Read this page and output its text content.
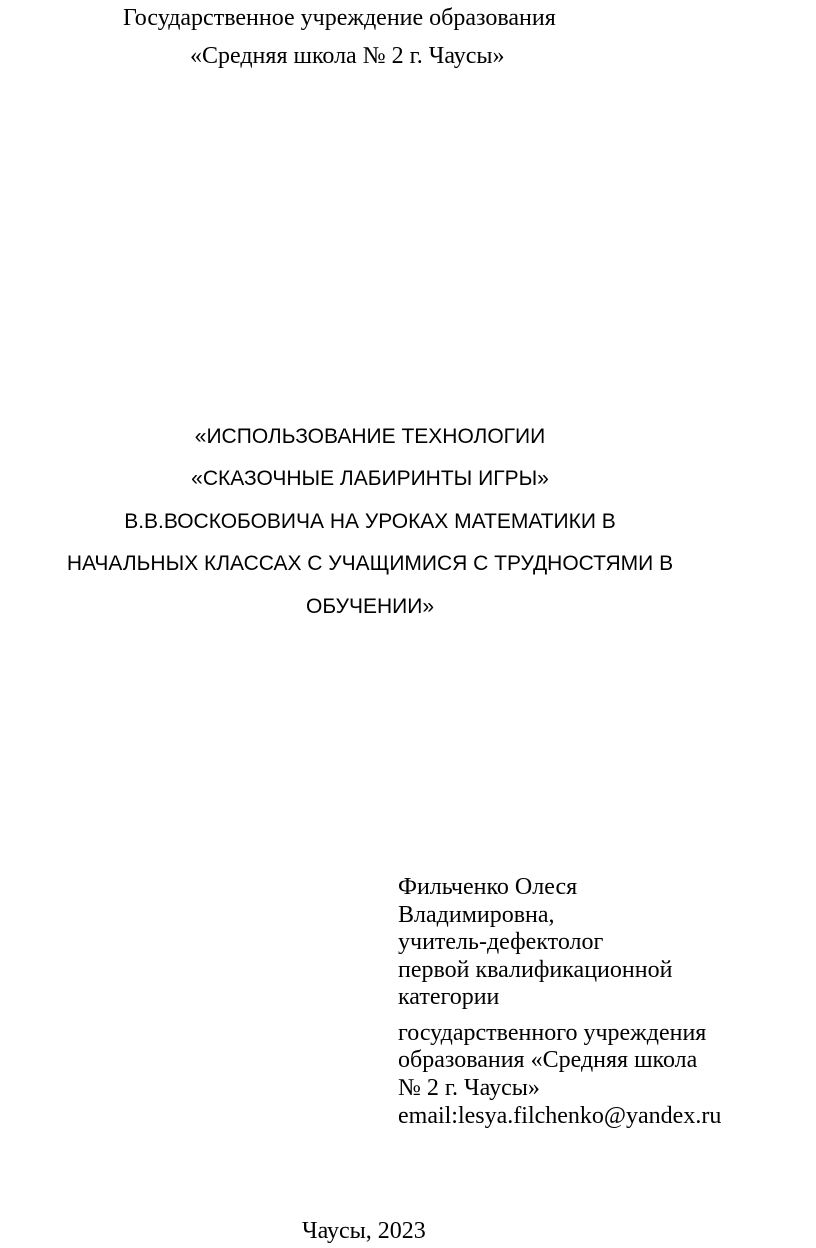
Государственное учреждение образования
«Средняя школа № 2 г. Чаусы»
«ИСПОЛЬЗОВАНИЕ ТЕХНОЛОГИИ
«СКАЗОЧНЫЕ ЛАБИРИНТЫ ИГРЫ»
В.В.ВОСКОБОВИЧА НА УРОКАХ МАТЕМАТИКИ В
НАЧАЛЬНЫХ КЛАССАХ С УЧАЩИМИСЯ С ТРУДНОСТЯМИ В
ОБУЧЕНИИ»
Фильченко Олеся
Владимировна,
учитель-дефектолог
первой квалификационной
категории
государственного учреждения
образования «Средняя школа
№ 2 г. Чаусы»
email:lesya.filchenko@yandex.ru
Чаусы, 2023
